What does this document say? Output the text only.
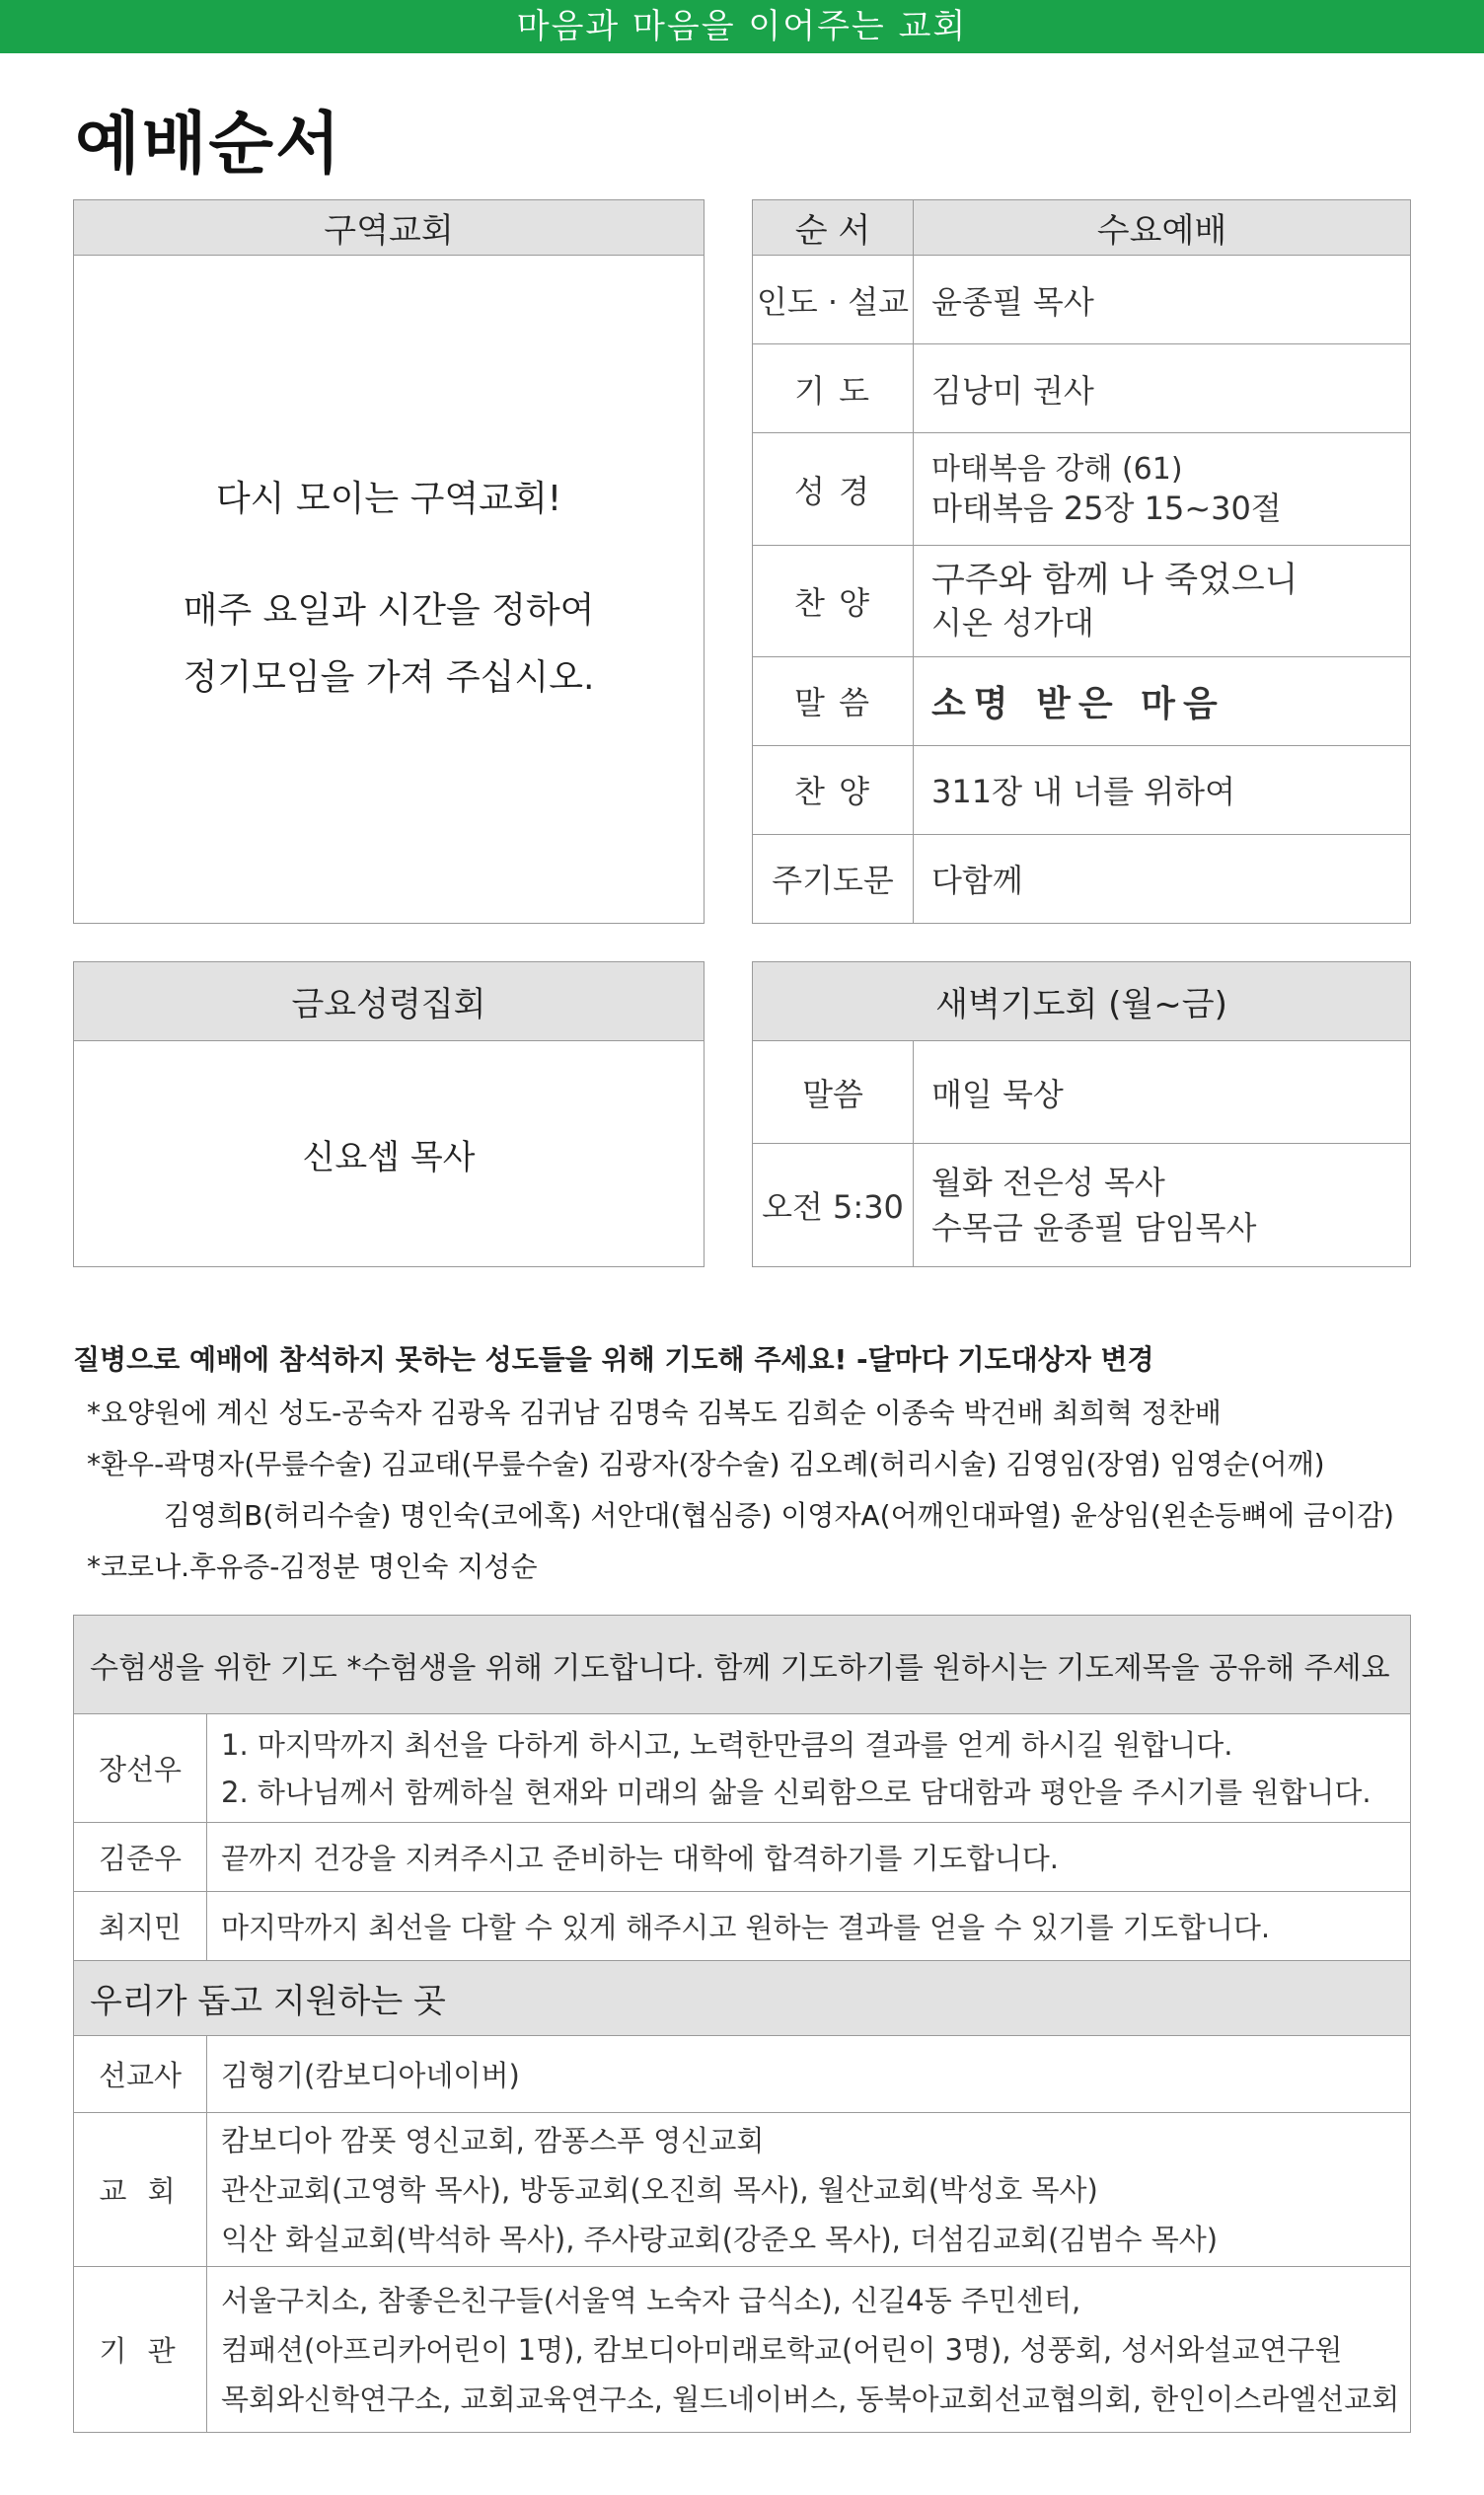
마음과 마음을 이어주는 교회
예배순서
구역교회

다시 모이는 구역교회!
매주 요일과 시간을 정하여
정기모임을 가져 주십시오.
순 서	수요예배
인도 · 설교	윤종필 목사
기 도	김낭미 권사
성 경	마태복음 강해 (61)
마태복음 25장 15~30절

찬 양	구주와 함께 나 죽었으니
시온 성가대

말 씀	소명 받은 마음
찬 양	311장 내 너를 위하여
주기도문	다함께
금요성령집회
신요셉 목사
새벽기도회 (월~금)	
말씀	매일 묵상
오전 5:30	월화 전은성 목사
수목금 윤종필 담임목사
질병으로 예배에 참석하지 못하는 성도들을 위해 기도해 주세요! -달마다 기도대상자 변경
*요양원에 계신 성도-공숙자 김광옥 김귀남 김명숙 김복도 김희순 이종숙 박건배 최희혁 정찬배
*환우-곽명자(무릎수술) 김교태(무릎수술) 김광자(장수술) 김오례(허리시술) 김영임(장염) 임영순(어깨)
김영희B(허리수술) 명인숙(코에혹) 서안대(협심증) 이영자A(어깨인대파열) 윤상임(왼손등뼈에 금이감)
*코로나.후유증-김정분 명인숙 지성순
수험생을 위한 기도 *수험생을 위해 기도합니다. 함께 기도하기를 원하시는 기도제목을 공유해 주세요	
장선우	1. 마지막까지 최선을 다하게 하시고, 노력한만큼의 결과를 얻게 하시길 원합니다.
2. 하나님께서 함께하실 현재와 미래의 삶을 신뢰함으로 담대함과 평안을 주시기를 원합니다.

김준우	끝까지 건강을 지켜주시고 준비하는 대학에 합격하기를 기도합니다.
최지민	마지막까지 최선을 다할 수 있게 해주시고 원하는 결과를 얻을 수 있기를 기도합니다.
우리가 돕고 지원하는 곳	
선교사	김형기(캄보디아네이버)
교 회	캄보디아 깜폿 영신교회, 깜퐁스푸 영신교회
관산교회(고영학 목사), 방동교회(오진희 목사), 월산교회(박성호 목사)
익산 화실교회(박석하 목사), 주사랑교회(강준오 목사), 더섬김교회(김범수 목사)

기 관	서울구치소, 참좋은친구들(서울역 노숙자 급식소), 신길4동 주민센터,
컴패션(아프리카어린이 1명), 캄보디아미래로학교(어린이 3명), 성풍회, 성서와설교연구원
목회와신학연구소, 교회교육연구소, 월드네이버스, 동북아교회선교협의회, 한인이스라엘선교회
